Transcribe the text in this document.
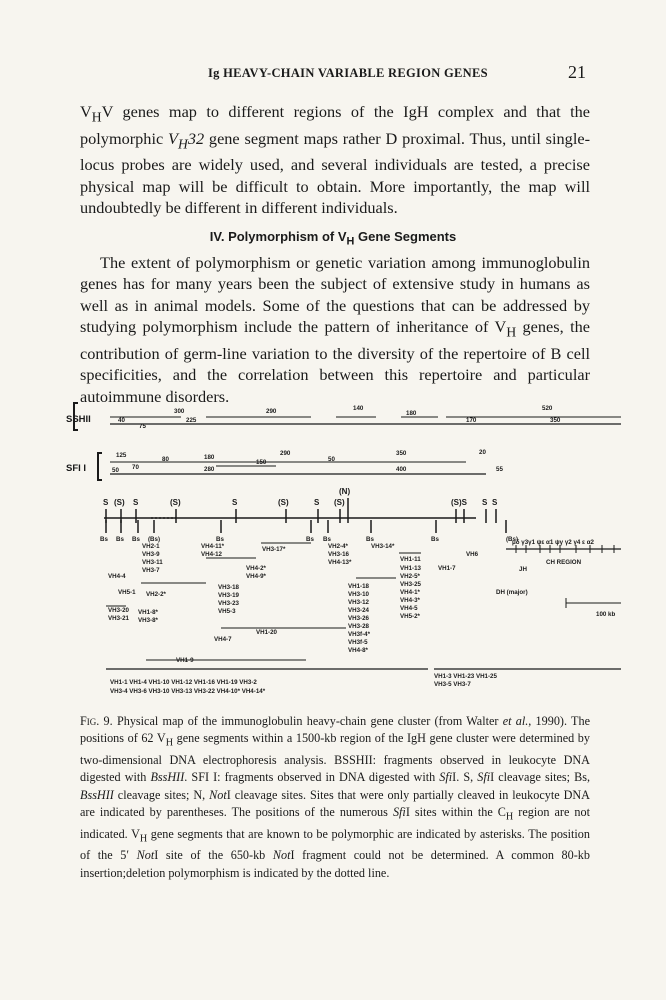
Ig HEAVY-CHAIN VARIABLE REGION GENES	21

$V_HV$ genes map to different regions of the IgH complex and that the polymorphic $V_H32$ gene segment maps rather D proximal. Thus, until single-locus probes are widely used, and several individuals are tested, a precise physical map will be difficult to obtain. More importantly, the map will undoubtedly be different in different individuals.

IV. Polymorphism of $V_H$ Gene Segments

The extent of polymorphism or genetic variation among immunoglobulin genes has for many years been the subject of extensive study in humans as well as in animal models. Some of the questions that can be addressed by studying polymorphism include the pattern of inheritance of $V_H$ genes, the contribution of germ-line variation to the diversity of the repertoire of B cell specificities, and the correlation between this repertoire and particular autoimmune disorders.

SSHII
SFI I
40
75
300
225
290	140
180
170
520
350
125
50 70
80	180
280
150
290
50
350
400
20
55
S (S) S	(S)	S	(S)	S (S)
(N)
(S)S S S
Bs Bs Bs (Bs)	Bs	Bs Bs	Bs	Bs	(Bs)
μδ γ3γ1 ψε α1 ψγ γ2 γ4 ε α2
CH REGION
VH6
JH
DH (major)
100 kb
VH2-1
VH3-9
VH3-11
VH3-7
VH4-4
VH5-1 VH2-2*
VH3-20
VH3-21
VH1-8*
VH3-8*
VH4-11*
VH4-12
VH4-2*
VH4-9*
VH3-18
VH3-19
VH3-23
VH5-3
VH3-17*	VH2-4*
VH3-16
VH4-13*
VH3-14*
VH1-11
VH1-13
VH2-5*
VH3-25
VH4-1*
VH4-3*
VH4-5
VH5-2*
VH1-7
VH1-18
VH3-10
VH3-12
VH3-24
VH3-26
VH3-28
VH3f-4*
VH3f-5
VH4-8*
VH1-20
VH4-7
VH1-9
VH1-1 VH1-4 VH1-10 VH1-12 VH1-16 VH1-19 VH3-2
VH3-4 VH3-6 VH3-10 VH3-13 VH3-22 VH4-10* VH4-14*
VH1-3 VH1-23 VH1-25
VH3-5 VH3-7

Fig. 9. Physical map of the immunoglobulin heavy-chain gene cluster (from Walter et al., 1990). The positions of 62 $V_H$ gene segments within a 1500-kb region of the IgH gene cluster were determined by two-dimensional DNA electrophoresis analysis. BSSHII: fragments observed in leukocyte DNA digested with BssHII. SFI I: fragments observed in DNA digested with SfiI. S, SfiI cleavage sites; Bs, BssHII cleavage sites; N, NotI cleavage sites. Sites that were only partially cleaved in leukocyte DNA are indicated by parentheses. The positions of the numerous SfiI sites within the $C_H$ region are not indicated. $V_H$ gene segments that are known to be polymorphic are indicated by asterisks. The position of the 5′ NotI site of the 650-kb NotI fragment could not be determined. A common 80-kb insertion;deletion polymorphism is indicated by the dotted line.
